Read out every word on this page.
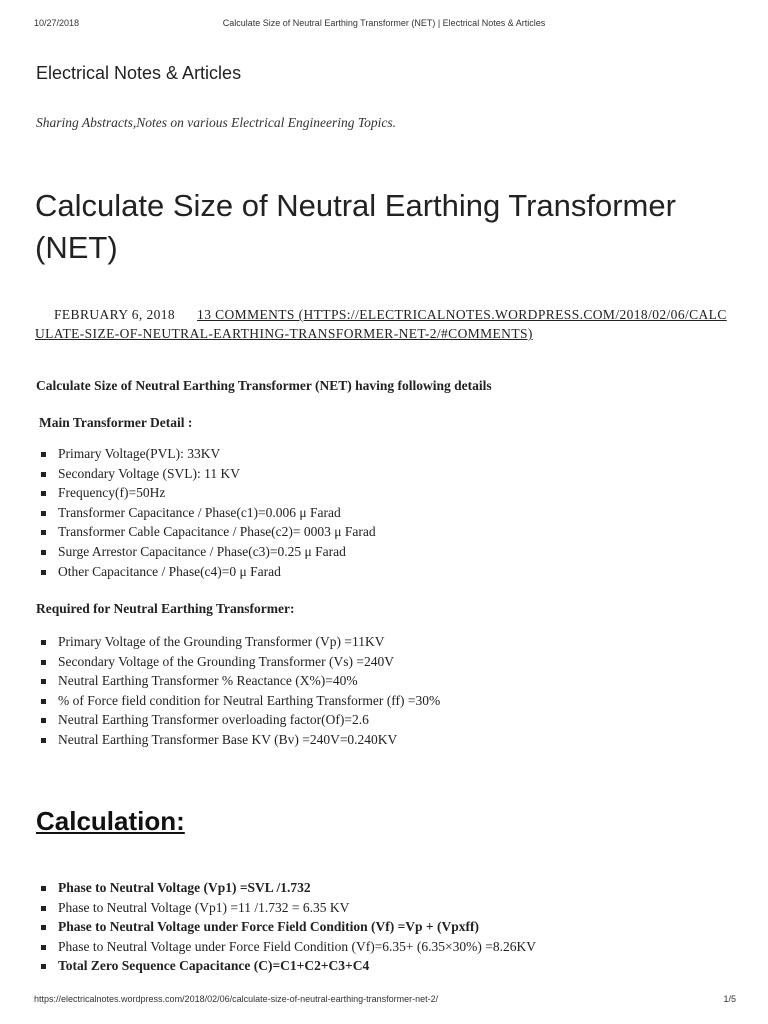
10/27/2018	Calculate Size of Neutral Earthing Transformer (NET) | Electrical Notes & Articles
Electrical Notes & Articles
Sharing Abstracts,Notes on various Electrical Engineering Topics.
Calculate Size of Neutral Earthing Transformer (NET)
FEBRUARY 6, 2018 13 COMMENTS (HTTPS://ELECTRICALNOTES.WORDPRESS.COM/2018/02/06/CALCULATE-SIZE-OF-NEUTRAL-EARTHING-TRANSFORMER-NET-2/#COMMENTS)

Calculate Size of Neutral Earthing Transformer (NET) having following details

Main Transformer Detail :

Primary Voltage(PVL): 33KV
Secondary Voltage (SVL): 11 KV
Frequency(f)=50Hz
Transformer Capacitance / Phase(c1)=0.006 μ Farad
Transformer Cable Capacitance / Phase(c2)= 0003 μ Farad
Surge Arrestor Capacitance / Phase(c3)=0.25 μ Farad
Other Capacitance / Phase(c4)=0 μ Farad

Required for Neutral Earthing Transformer:

Primary Voltage of the Grounding Transformer (Vp) =11KV
Secondary Voltage of the Grounding Transformer (Vs) =240V
Neutral Earthing Transformer % Reactance (X%)=40%
% of Force field condition for Neutral Earthing Transformer (ff) =30%
Neutral Earthing Transformer overloading factor(Of)=2.6
Neutral Earthing Transformer Base KV (Bv) =240V=0.240KV
Calculation:
Phase to Neutral Voltage (Vp1) =SVL /1.732
Phase to Neutral Voltage (Vp1) =11 /1.732 = 6.35 KV
Phase to Neutral Voltage under Force Field Condition (Vf) =Vp + (Vpxff)
Phase to Neutral Voltage under Force Field Condition (Vf)=6.35+ (6.35×30%) =8.26KV
Total Zero Sequence Capacitance (C)=C1+C2+C3+C4
https://electricalnotes.wordpress.com/2018/02/06/calculate-size-of-neutral-earthing-transformer-net-2/	1/5
